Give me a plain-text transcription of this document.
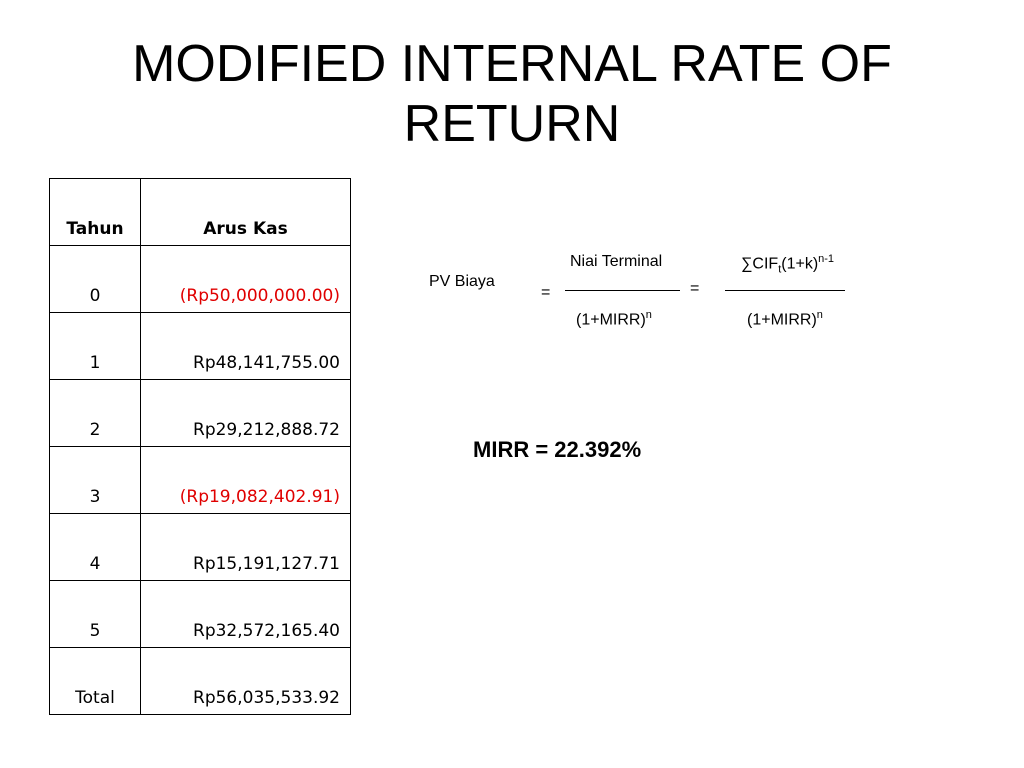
MODIFIED INTERNAL RATE OF
RETURN
Tahun	Arus Kas
0	(Rp50,000,000.00)
1	Rp48,141,755.00
2	Rp29,212,888.72
3	(Rp19,082,402.91)
4	Rp15,191,127.71
5	Rp32,572,165.40
Total	Rp56,035,533.92
PV Biaya
=	=
Niai Terminal	$\sum CIF_t(1+k)^{n-1}$
(1+MIRR)$^n$	(1+MIRR)$^n$
MIRR = 22.392%
